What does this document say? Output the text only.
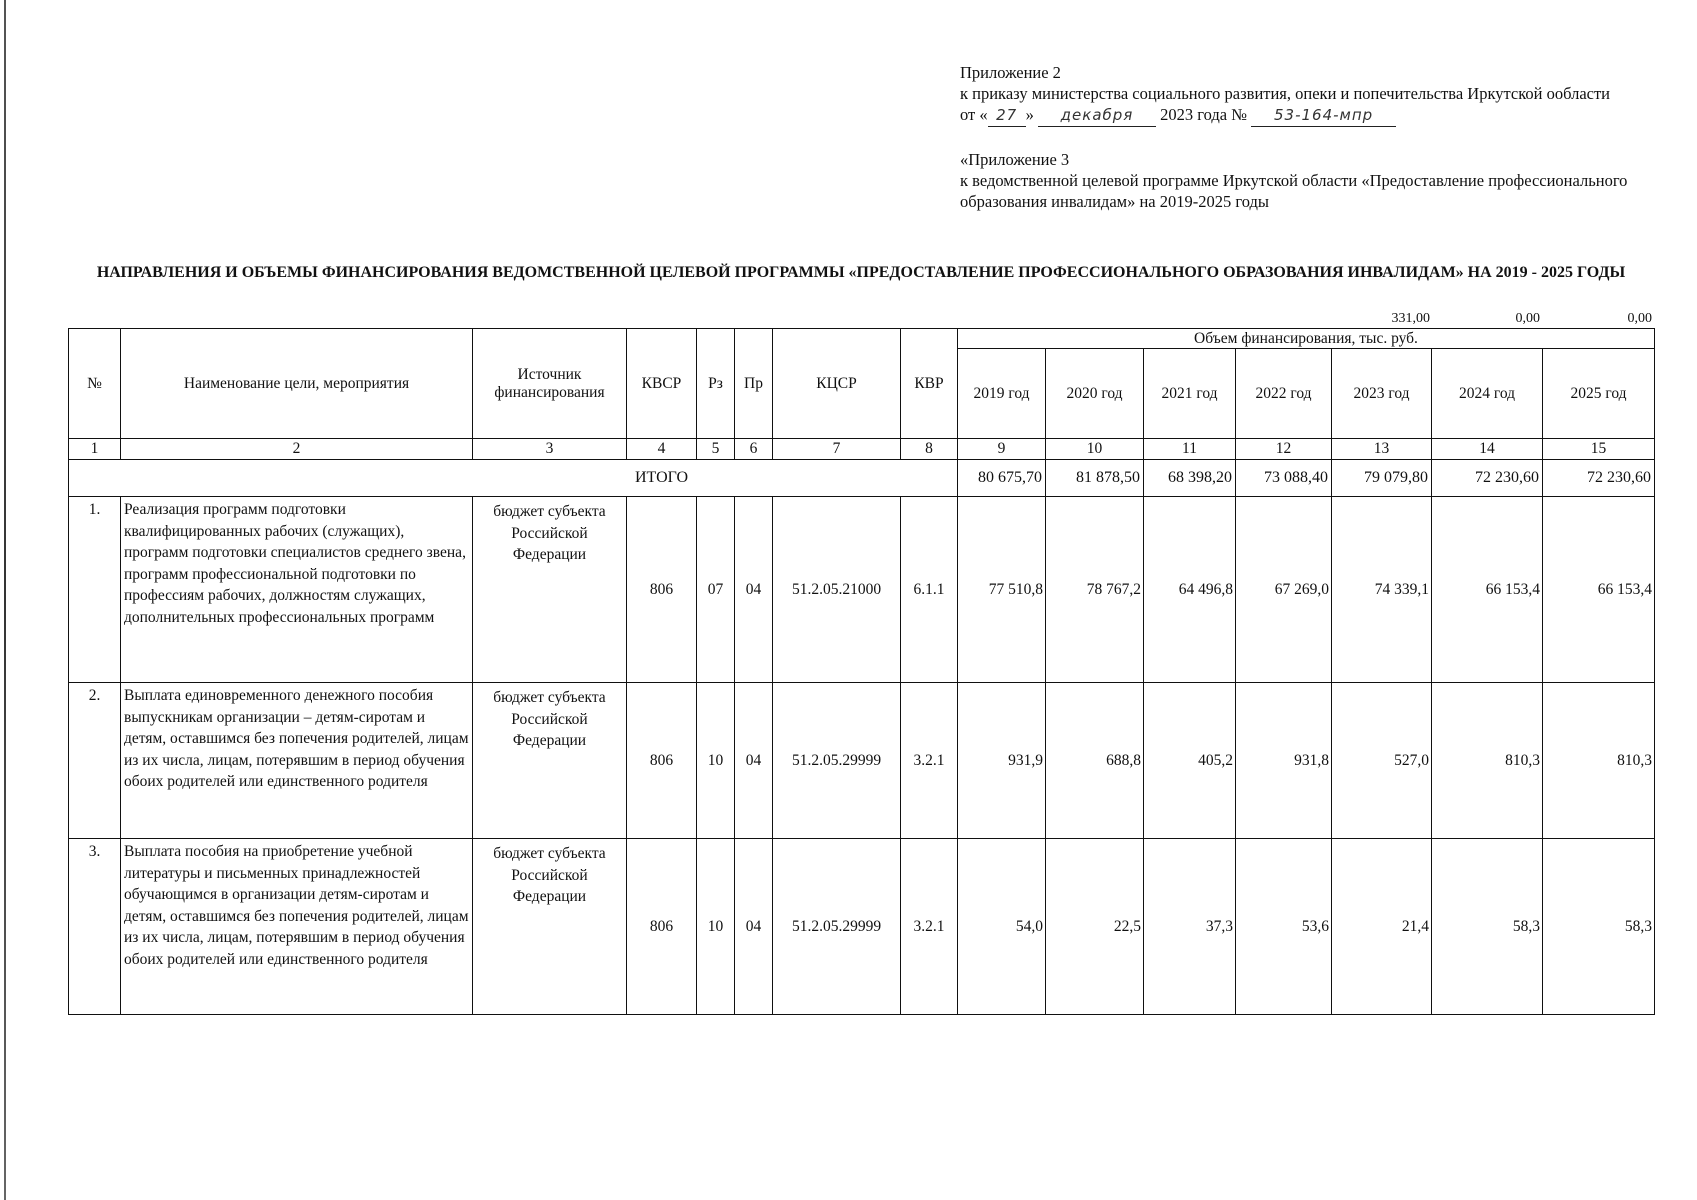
Приложение 2

к приказу министерства социального развития, опеки и попечительства Иркутской ообласти

от « 27 » декабря 2023 года № 53-164-мпр

«Приложение 3

к ведомственной целевой программе Иркутской области «Предоставление профессионального образования инвалидам» на 2019-2025 годы

НАПРАВЛЕНИЯ И ОБЪЕМЫ ФИНАНСИРОВАНИЯ ВЕДОМСТВЕННОЙ ЦЕЛЕВОЙ ПРОГРАММЫ «ПРЕДОСТАВЛЕНИЕ ПРОФЕССИОНАЛЬНОГО ОБРАЗОВАНИЯ ИНВАЛИДАМ» НА 2019 - 2025 ГОДЫ
331,00	0,00	0,00
№	Наименование цели, мероприятия	Источник финансирования	КВСР	Рз	Пр	КЦСР	КВР	Объем финансирования, тыс. руб.						
								2019 год	2020 год	2021 год	2022 год	2023 год	2024 год	2025 год
1	2	3	4	5	6	7	8	9	10	11	12	13	14	15
ИТОГО								80 675,70	81 878,50	68 398,20	73 088,40	79 079,80	72 230,60	72 230,60
1.	Реализация программ подготовки квалифицированных рабочих (служащих), программ подготовки специалистов среднего звена, программ профессиональной подготовки по профессиям рабочих, должностям служащих, дополнительных профессиональных программ	бюджет субъекта Российской Федерации	806	07	04	51.2.05.21000	6.1.1	77 510,8	78 767,2	64 496,8	67 269,0	74 339,1	66 153,4	66 153,4
2.	Выплата единовременного денежного пособия выпускникам организации – детям-сиротам и детям, оставшимся без попечения родителей, лицам из их числа, лицам, потерявшим в период обучения обоих родителей или единственного родителя	бюджет субъекта Российской Федерации	806	10	04	51.2.05.29999	3.2.1	931,9	688,8	405,2	931,8	527,0	810,3	810,3
3.	Выплата пособия на приобретение учебной литературы и письменных принадлежностей обучающимся в организации детям-сиротам и детям, оставшимся без попечения родителей, лицам из их числа, лицам, потерявшим в период обучения обоих родителей или единственного родителя	бюджет субъекта Российской Федерации	806	10	04	51.2.05.29999	3.2.1	54,0	22,5	37,3	53,6	21,4	58,3	58,3
